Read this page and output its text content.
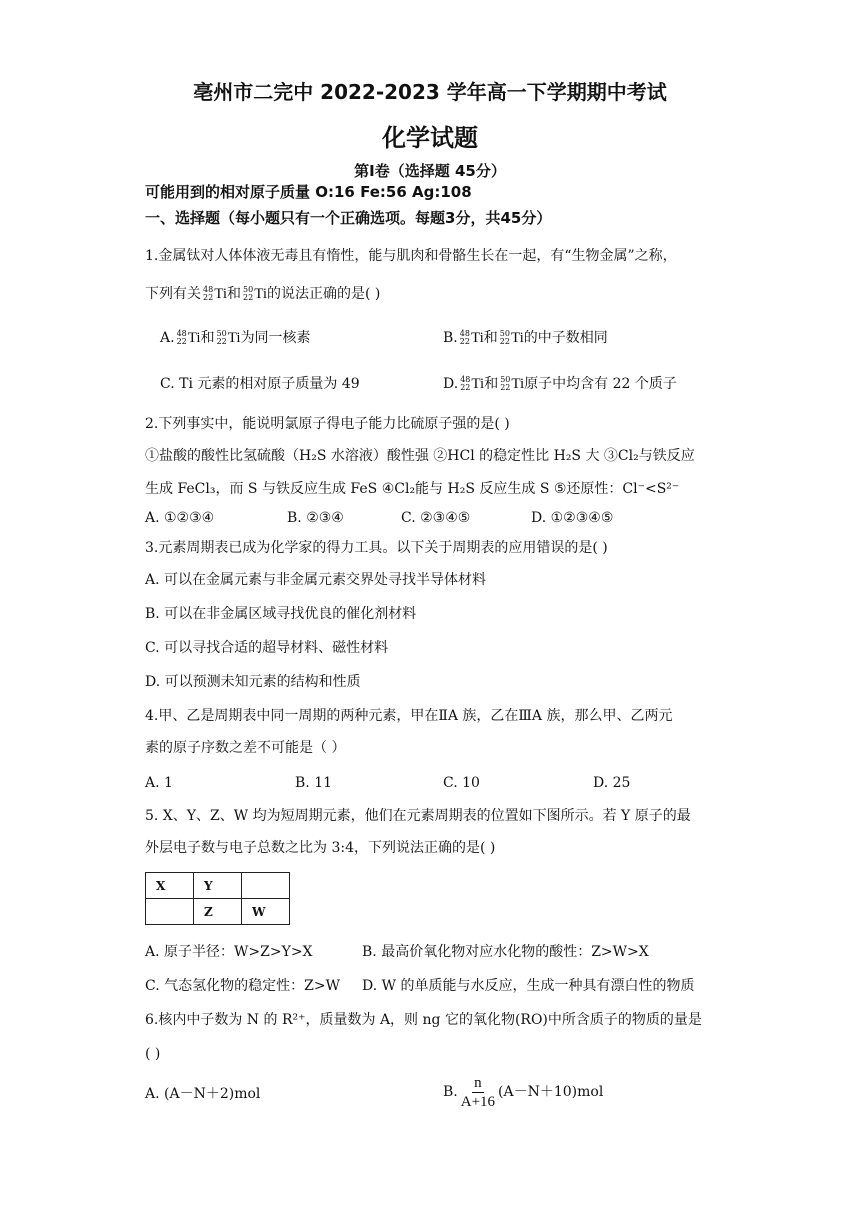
亳州市二完中 2022-2023 学年高一下学期期中考试
化学试题
第Ⅰ卷（选择题 45分）
可能用到的相对原子质量 O:16 Fe:56 Ag:108
一、选择题（每小题只有一个正确选项。每题3分，共45分）
1.金属钛对人体体液无毒且有惰性，能与肌肉和骨骼生长在一起，有“生物金属”之称，
下列有关 48
22 Ti和 50
22 Ti的说法正确的是( )
A. 48
22 Ti和 50
22 Ti为同一核素	B. 48
22 Ti和 50
22 Ti的中子数相同
C. Ti 元素的相对原子质量为 49	D. 48
22 Ti和 50
22 Ti原子中均含有 22 个质子
2.下列事实中，能说明氯原子得电子能力比硫原子强的是( )
①盐酸的酸性比氢硫酸（H₂S 水溶液）酸性强 ②HCl 的稳定性比 H₂S 大 ③Cl₂与铁反应
生成 FeCl₃，而 S 与铁反应生成 FeS ④Cl₂能与 H₂S 反应生成 S ⑤还原性：Cl⁻<S²⁻
A. ①②③④	B. ②③④	C. ②③④⑤	D. ①②③④⑤
3.元素周期表已成为化学家的得力工具。以下关于周期表的应用错误的是( )
A. 可以在金属元素与非金属元素交界处寻找半导体材料
B. 可以在非金属区域寻找优良的催化剂材料
C. 可以寻找合适的超导材料、磁性材料
D. 可以预测未知元素的结构和性质
4.甲、乙是周期表中同一周期的两种元素，甲在ⅡA 族，乙在ⅢA 族，那么甲、乙两元
素的原子序数之差不可能是（ ）
A. 1	B. 11	C. 10	D. 25
5. X、Y、Z、W 均为短周期元素，他们在元素周期表的位置如下图所示。若 Y 原子的最
外层电子数与电子总数之比为 3:4，下列说法正确的是( )
X	Y	
	Z	W
A. 原子半径：W>Z>Y>X	B. 最高价氧化物对应水化物的酸性：Z>W>X
C. 气态氢化物的稳定性：Z>W D. W 的单质能与水反应，生成一种具有漂白性的物质
6.核内中子数为 N 的 R²⁺，质量数为 A，则 ng 它的氧化物(RO)中所含质子的物质的量是
( )
A. (A－N＋2)mol	B. $\frac{n}{A+16} (A-N+10)mol$
